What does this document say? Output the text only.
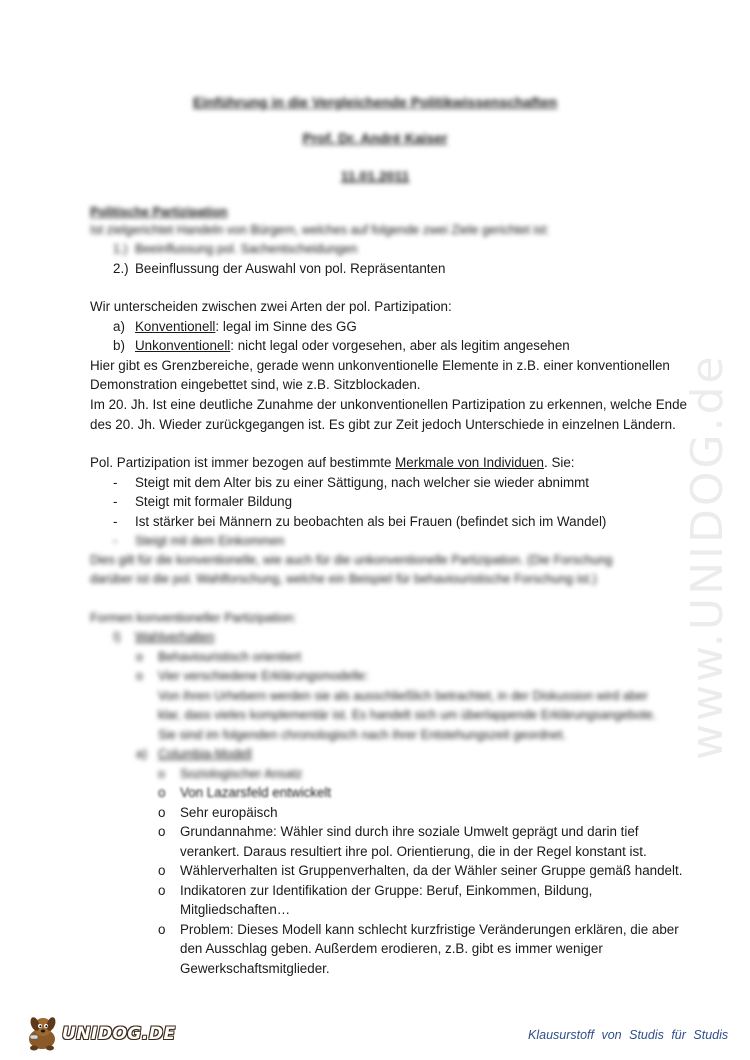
www.UNIDOG.de
Einführung in die Vergleichende Politikwissenschaften
Prof. Dr. André Kaiser
11.01.2011
Politische Partizipation
Ist zielgerichtet Handeln von Bürgern, welches auf folgende zwei Ziele gerichtet ist:
1.) Beeinflussung pol. Sachentscheidungen
2.) Beeinflussung der Auswahl von pol. Repräsentanten
Wir unterscheiden zwischen zwei Arten der pol. Partizipation:
a) Konventionell: legal im Sinne des GG
b) Unkonventionell: nicht legal oder vorgesehen, aber als legitim angesehen
Hier gibt es Grenzbereiche, gerade wenn unkonventionelle Elemente in z.B. einer konventionellen
Demonstration eingebettet sind, wie z.B. Sitzblockaden.
Im 20. Jh. Ist eine deutliche Zunahme der unkonventionellen Partizipation zu erkennen, welche Ende
des 20. Jh. Wieder zurückgegangen ist. Es gibt zur Zeit jedoch Unterschiede in einzelnen Ländern.
Pol. Partizipation ist immer bezogen auf bestimmte Merkmale von Individuen. Sie:
- Steigt mit dem Alter bis zu einer Sättigung, nach welcher sie wieder abnimmt
- Steigt mit formaler Bildung
- Ist stärker bei Männern zu beobachten als bei Frauen (befindet sich im Wandel)
- Steigt mit dem Einkommen
Dies gilt für die konventionelle, wie auch für die unkonventionelle Partizipation. (Die Forschung
darüber ist die pol. Wahlforschung, welche ein Beispiel für behaviouristische Forschung ist.)
Formen konventioneller Partizipation:
I) Wahlverhalten
o Behaviouristisch orientiert
o Vier verschiedene Erklärungsmodelle:
Von ihren Urhebern werden sie als ausschließlich betrachtet, in der Diskussion wird aber
klar, dass vieles komplementär ist. Es handelt sich um überlappende Erklärungsangebote.
Sie sind im folgenden chronologisch nach ihrer Entstehungszeit geordnet.
a) Columbia-Modell
o Soziologischer Ansatz
o Von Lazarsfeld entwickelt
o Sehr europäisch
o Grundannahme: Wähler sind durch ihre soziale Umwelt geprägt und darin tief
verankert. Daraus resultiert ihre pol. Orientierung, die in der Regel konstant ist.
o Wählerverhalten ist Gruppenverhalten, da der Wähler seiner Gruppe gemäß handelt.
o Indikatoren zur Identifikation der Gruppe: Beruf, Einkommen, Bildung,
Mitgliedschaften…
o Problem: Dieses Modell kann schlecht kurzfristige Veränderungen erklären, die aber
den Ausschlag geben. Außerdem erodieren, z.B. gibt es immer weniger
Gewerkschaftsmitglieder.
UNIDOG.DE	Klausurstoff von Studis für Studis
